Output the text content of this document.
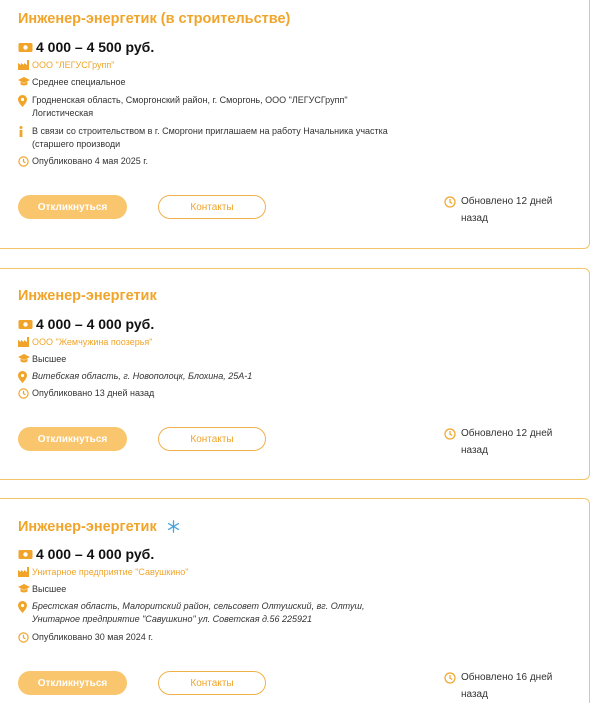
Инженер-энергетик (в строительстве)
4 000 – 4 500 руб.
ООО "ЛЕГУСГрупп"
Среднее специальное
Гродненская область, Сморгонский район, г. Сморгонь, ООО "ЛЕГУСГрупп"
Логистическая
В связи со строительством в г. Сморгони приглашаем на работу Начальника участка (старшего производи
Опубликовано 4 мая 2025 г.
Откликнуться	Контакты	Обновлено 12 дней назад
Инженер-энергетик
4 000 – 4 000 руб.
ООО "Жемчужина поозерья"
Высшее
Витебская область, г. Новополоцк, Блохина, 25А-1
Опубликовано 13 дней назад
Откликнуться	Контакты	Обновлено 12 дней назад
Инженер-энергетик
4 000 – 4 000 руб.
Унитарное предприятие "Савушкино"
Высшее
Брестская область, Малоритский район, сельсовет Олтушский, вг. Олтуш, Унитарное предприятие "Савушкино" ул. Советская д.56 225921
Опубликовано 30 мая 2024 г.
Откликнуться	Контакты	Обновлено 16 дней назад
